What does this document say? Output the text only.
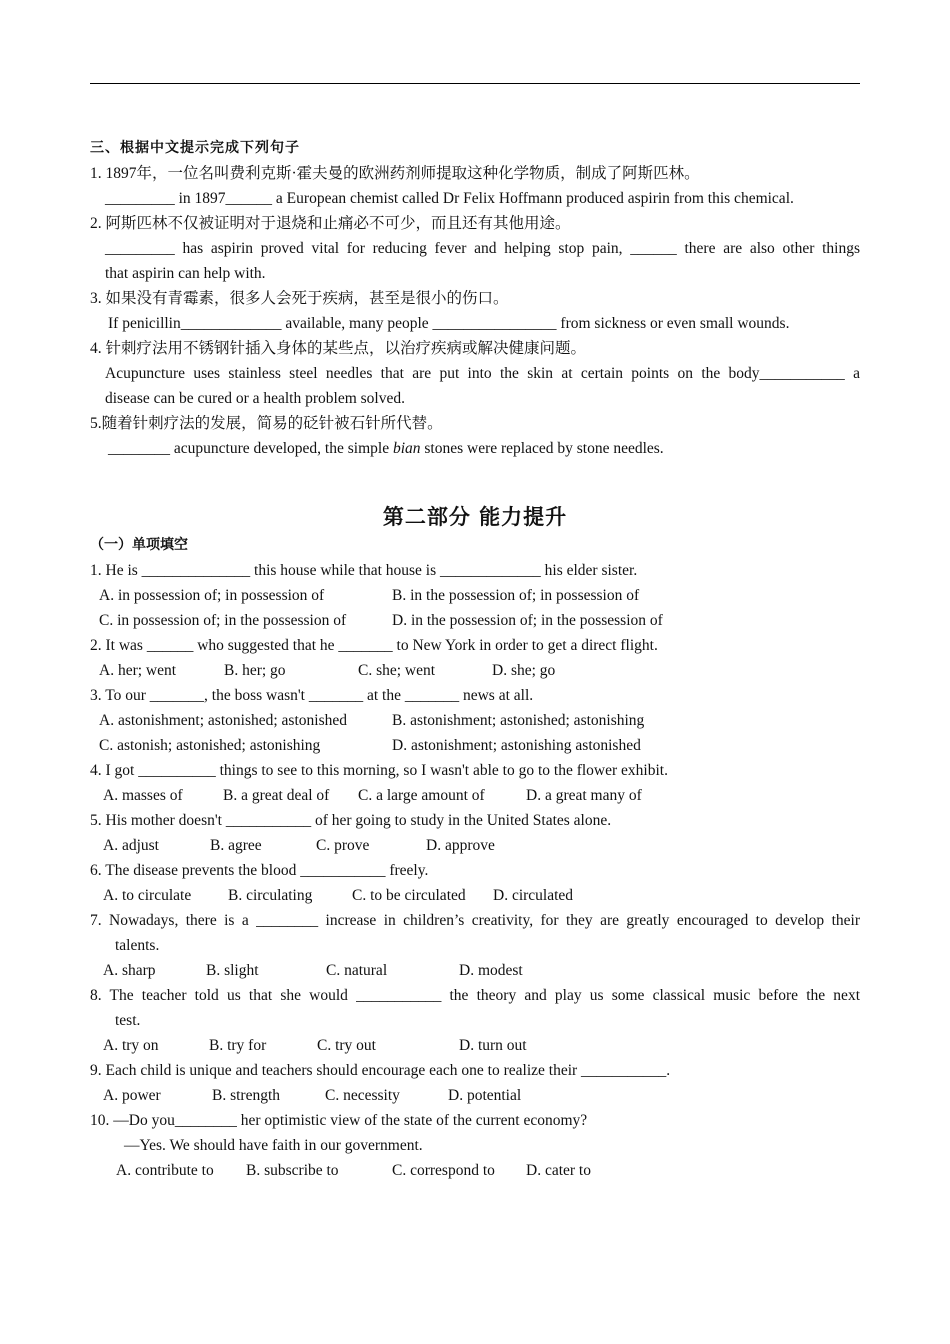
三、根据中文提示完成下列句子
1. 1897年，一位名叫费利克斯·霍夫曼的欧洲药剂师提取这种化学物质，制成了阿斯匹林。
_________ in 1897______ a European chemist called Dr Felix Hoffmann produced aspirin from this chemical.
2. 阿斯匹林不仅被证明对于退烧和止痛必不可少，而且还有其他用途。
_________ has aspirin proved vital for reducing fever and helping stop pain, ______ there are also other things
that aspirin can help with.
3. 如果没有青霉素，很多人会死于疾病，甚至是很小的伤口。
If penicillin_____________ available, many people ________________ from sickness or even small wounds.
4. 针刺疗法用不锈钢针插入身体的某些点，以治疗疾病或解决健康问题。
Acupuncture uses stainless steel needles that are put into the skin at certain points on the body___________ a
disease can be cured or a health problem solved.
5.随着针刺疗法的发展，简易的砭针被石针所代替。
________ acupuncture developed, the simple bian stones were replaced by stone needles.
第二部分 能力提升
（一）单项填空
1. He is ______________ this house while that house is _____________ his elder sister.
A. in possession of; in possession of	B. in the possession of; in possession of
C. in possession of; in the possession of	D. in the possession of; in the possession of
2. It was ______ who suggested that he _______ to New York in order to get a direct flight.
A. her; went	B. her; go	C. she; went	D. she; go
3. To our _______, the boss wasn't _______ at the _______ news at all.
A. astonishment; astonished; astonished	B. astonishment; astonished; astonishing
C. astonish; astonished; astonishing	D. astonishment; astonishing astonished
4. I got __________ things to see to this morning, so I wasn't able to go to the flower exhibit.
A. masses of	B. a great deal of C. a large amount of	D. a great many of
5. His mother doesn't ___________ of her going to study in the United States alone.
A. adjust	B. agree	C. prove	D. approve
6. The disease prevents the blood ___________ freely.
A. to circulate B. circulating	C. to be circulated D. circulated
7. Nowadays, there is a ________ increase in children’s creativity, for they are greatly encouraged to develop their
talents.
A. sharp	B. slight	C. natural	D. modest
8. The teacher told us that she would ___________ the theory and play us some classical music before the next
test.
A. try on	B. try for	C. try out	D. turn out
9. Each child is unique and teachers should encourage each one to realize their ___________.
A. power	B. strength	C. necessity	D. potential
10. —Do you________ her optimistic view of the state of the current economy?
—Yes. We should have faith in our government.
A. contribute to B. subscribe to	C. correspond to D. cater to
